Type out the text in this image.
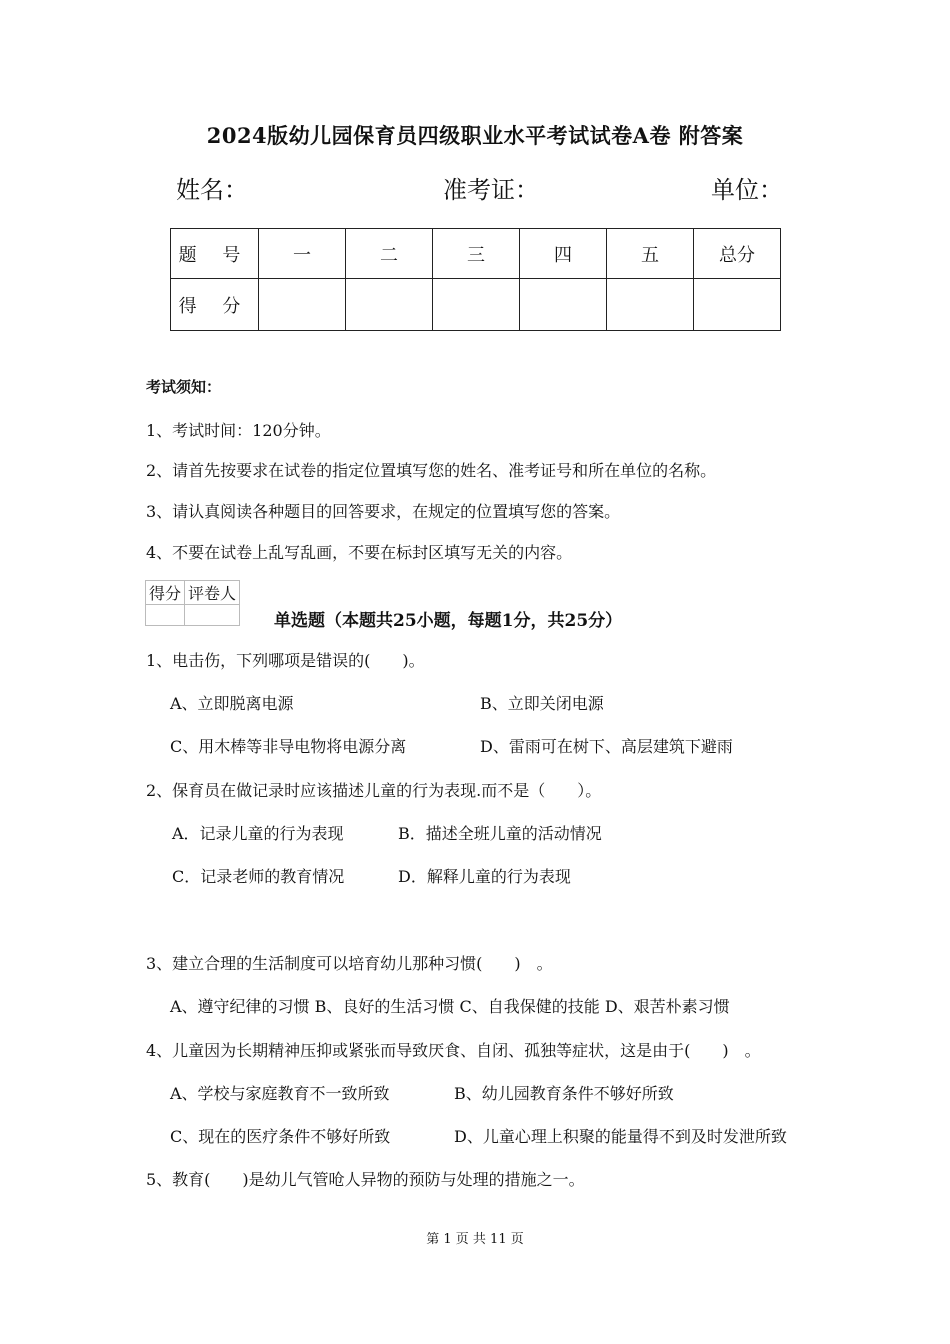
2024版幼儿园保育员四级职业水平考试试卷A卷 附答案
姓名：	准考证：	单位：
题 号	一	二	三	四	五	总分
得 分						
考试须知：
1、考试时间：120分钟。
2、请首先按要求在试卷的指定位置填写您的姓名、准考证号和所在单位的名称。
3、请认真阅读各种题目的回答要求，在规定的位置填写您的答案。
4、不要在试卷上乱写乱画，不要在标封区填写无关的内容。
得分	评卷人

单选题（本题共25小题，每题1分，共25分）
1、电击伤，下列哪项是错误的(　　)。
A、立即脱离电源	B、立即关闭电源
C、用木棒等非导电物将电源分离	D、雷雨可在树下、高层建筑下避雨
2、保育员在做记录时应该描述儿童的行为表现.而不是（　　）。
A．记录儿童的行为表现	B．描述全班儿童的活动情况
C．记录老师的教育情况	D．解释儿童的行为表现
3、建立合理的生活制度可以培育幼儿那种习惯(　　)　。
A、遵守纪律的习惯 B、良好的生活习惯 C、自我保健的技能 D、艰苦朴素习惯
4、儿童因为长期精神压抑或紧张而导致厌食、自闭、孤独等症状，这是由于(　　)　。
A、学校与家庭教育不一致所致	B、幼儿园教育条件不够好所致
C、现在的医疗条件不够好所致	D、儿童心理上积聚的能量得不到及时发泄所致
5、教育(　　)是幼儿气管呛人异物的预防与处理的措施之一。
第 1 页 共 11 页
